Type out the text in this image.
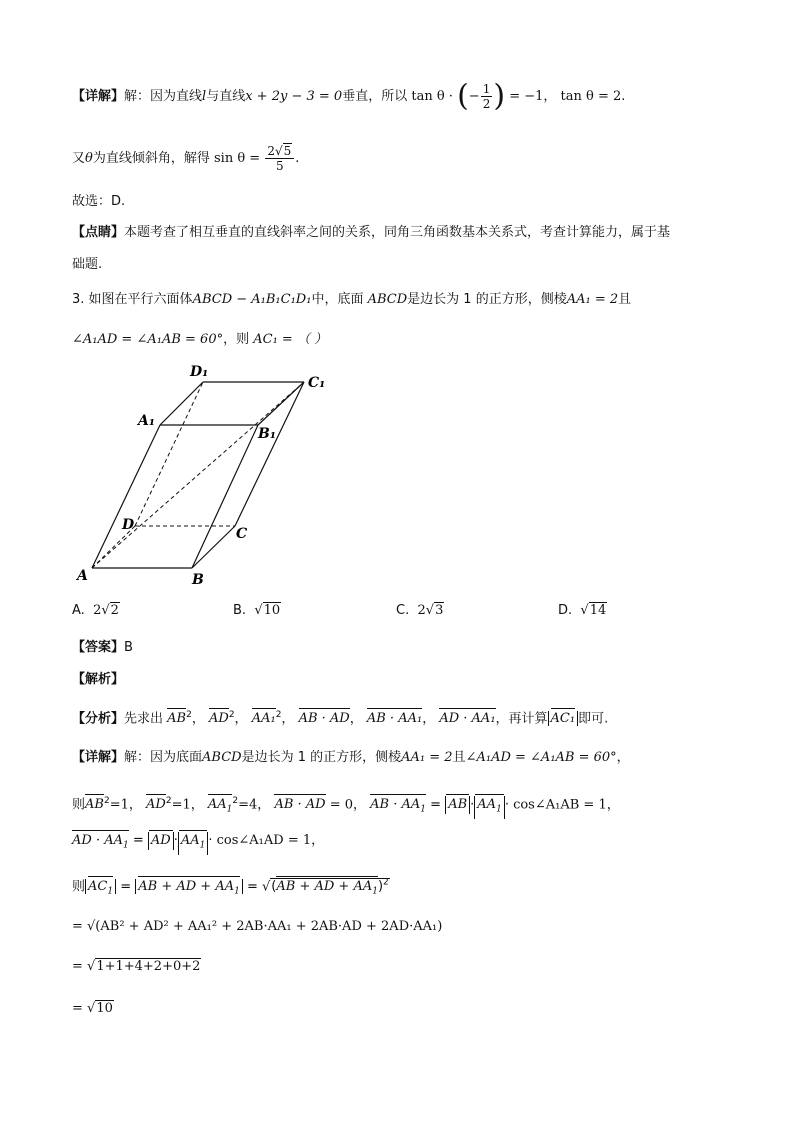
【详解】解：因为直线l与直线x + 2y − 3 = 0垂直，所以 tan θ · (− $\frac{1}{2}$ ) = −1， tan θ = 2.
又θ为直线倾斜角，解得 $\sin \theta = \frac{2√5}{5}$ .
故选：D.
【点睛】本题考查了相互垂直的直线斜率之间的关系，同角三角函数基本关系式，考查计算能力，属于基
础题.
3. 如图在平行六面体ABCD − A₁B₁C₁D₁中，底面 ABCD是边长为 1 的正方形，侧棱AA₁ = 2且
∠A₁AD = ∠A₁AB = 60°，则 AC₁ = （ ）
D₁
C₁
A₁
B₁
D
C
A	B
A. 2√2	B. √10	C. 2√3	D. √14
【答案】B
【解析】
【分析】先求出 $AB^2$， $AD^2$， AA₁$^2$， AB · AD， AB · AA₁， AD · AA₁，再计算 AC₁ 即可.
【详解】解：因为底面ABCD是边长为 1 的正方形，侧棱AA₁ = 2且∠A₁AD = ∠A₁AB = 60°，
则$AB^2=1$， $AD^2=1$， $AA_1^2=4$， AB · AD = 0， AB · $AA_1$ = AB · $AA_1$ · cos∠A₁AB = 1，
AD · $AA_1$ = AD · $AA_1$ · cos∠A₁AD = 1，
则 $AC_1$ = AB + AD + $AA_1 = √(AB$ + AD + $AA_1)^2$
= √(AB² + AD² + AA₁² + 2AB·AA₁ + 2AB·AD + 2AD·AA₁)
= √1+1+4+2+0+2
= √10
